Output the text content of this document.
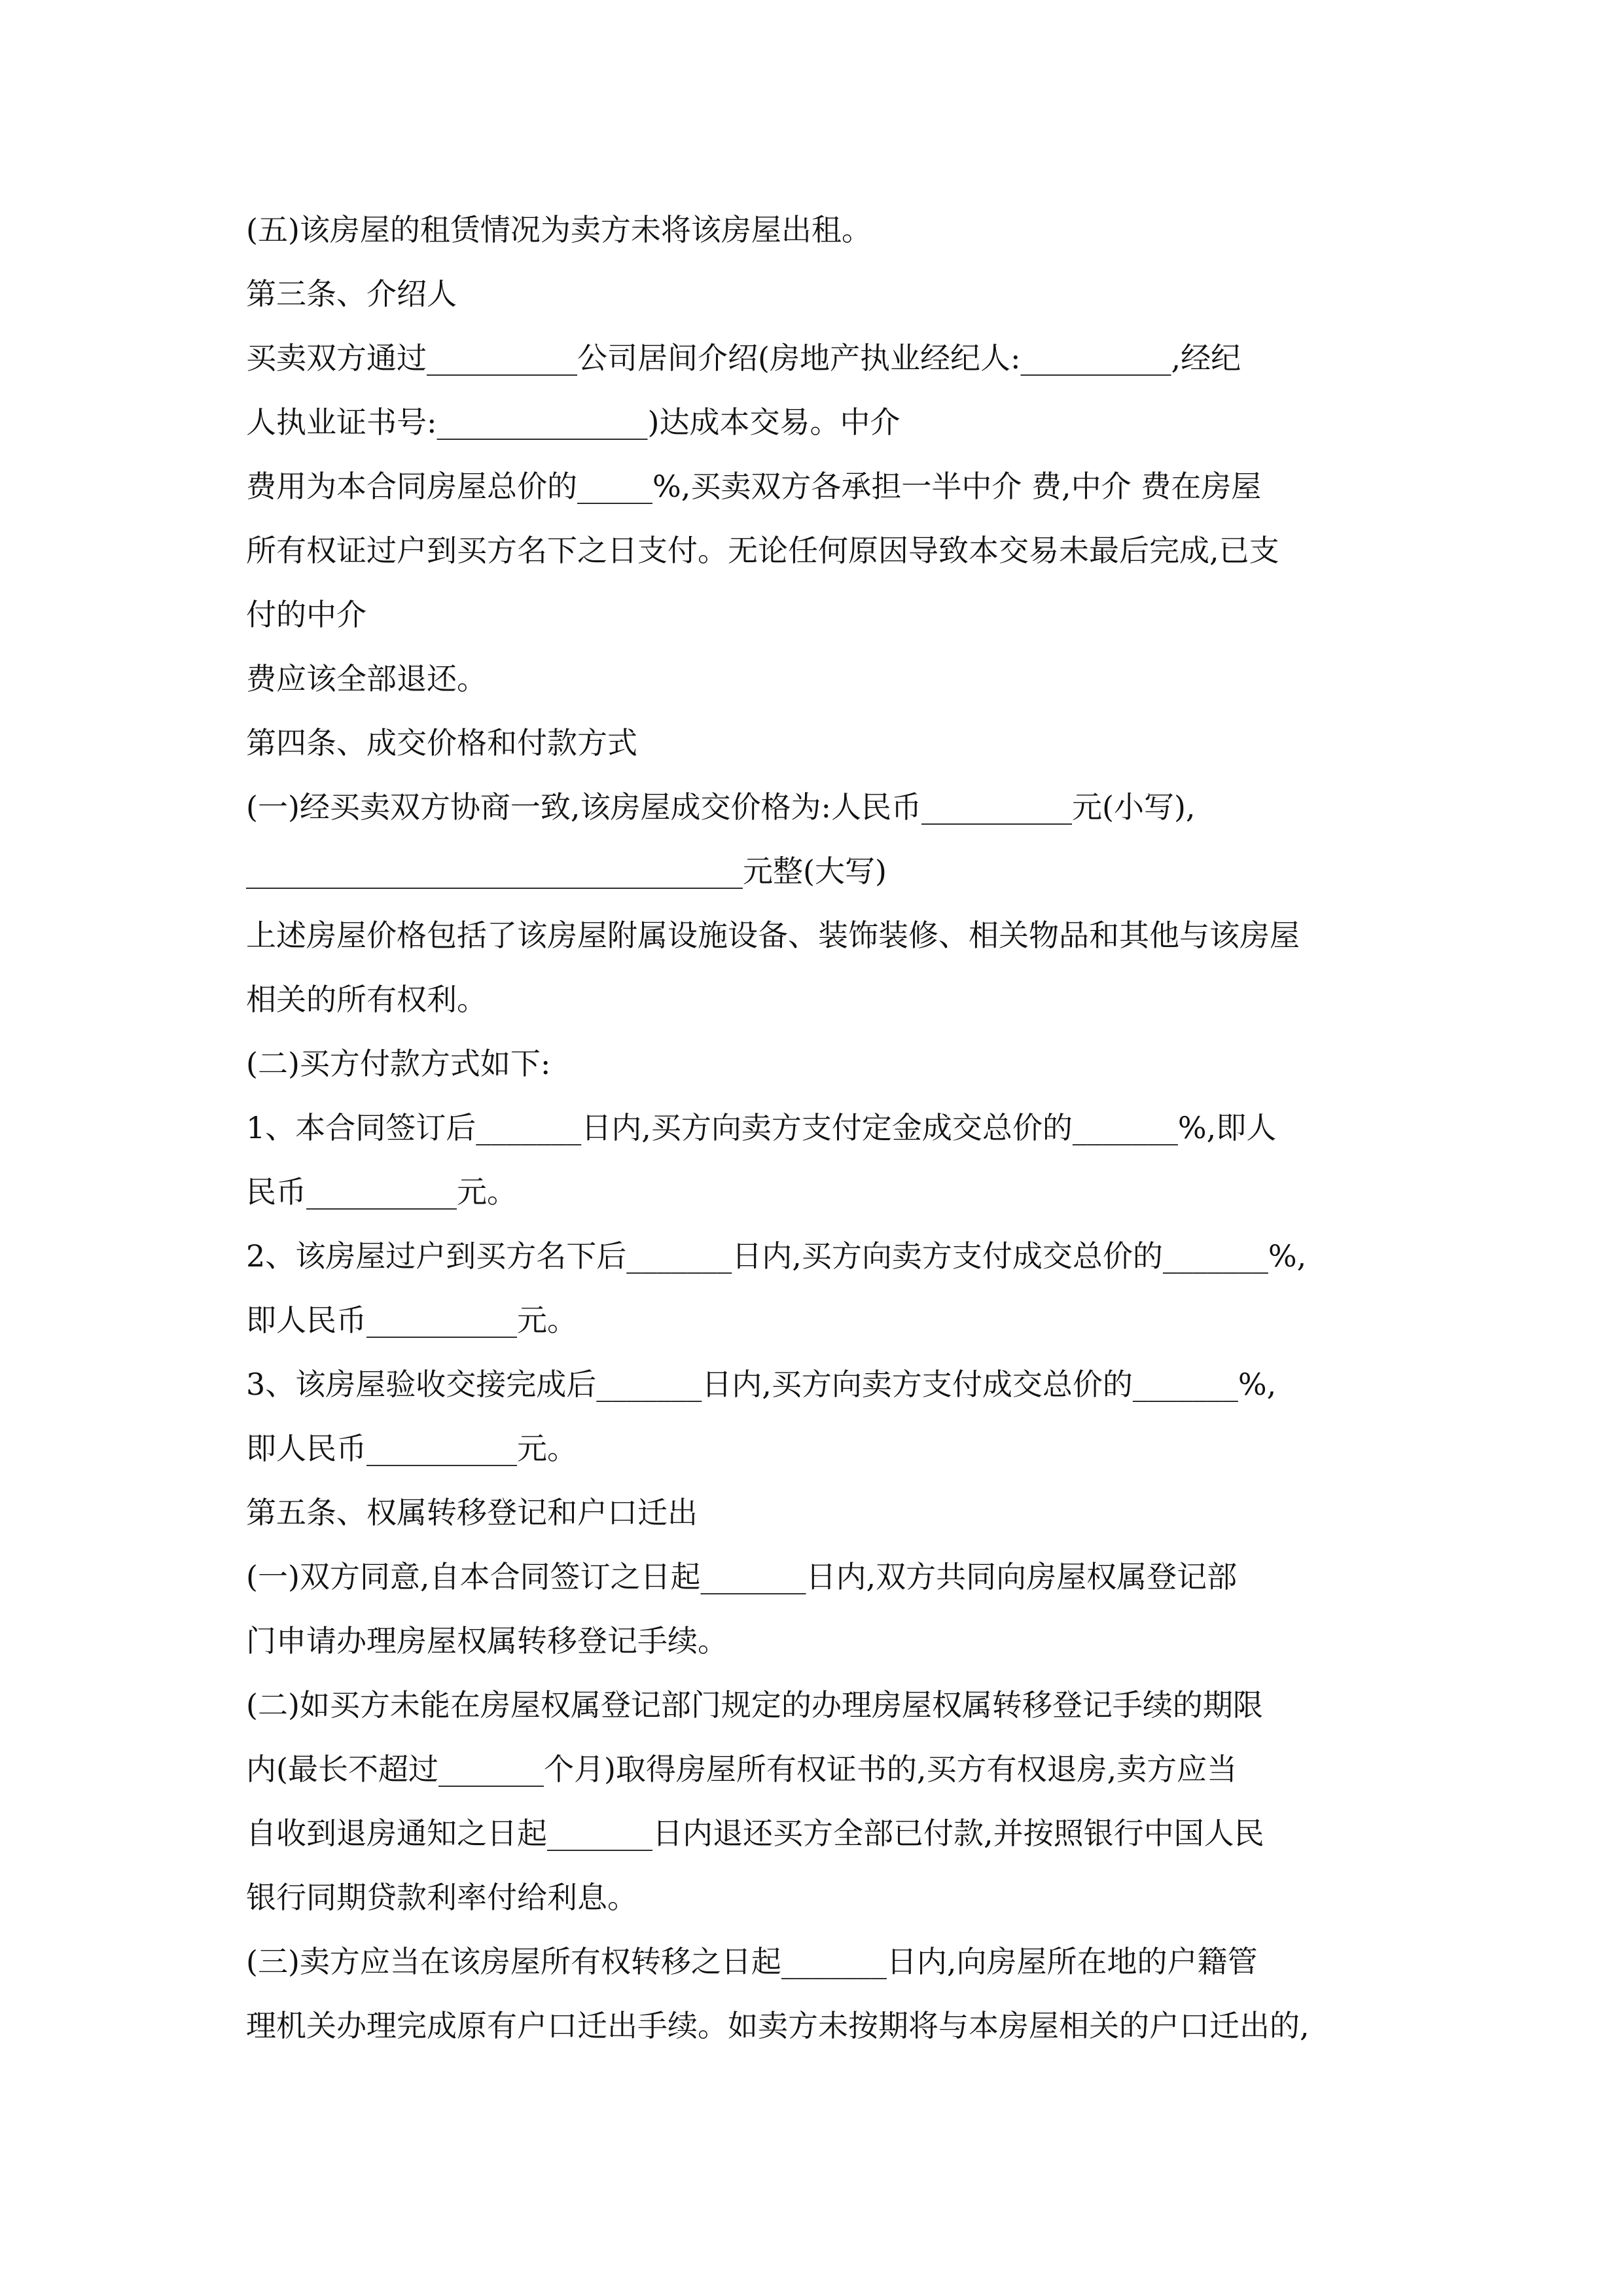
(五)该房屋的租赁情况为卖方未将该房屋出租。
第三条、介绍人
买卖双方通过__________公司居间介绍(房地产执业经纪人:__________,经纪
人执业证书号:______________)达成本交易。中介
费用为本合同房屋总价的_____%,买卖双方各承担一半中介 费,中介 费在房屋
所有权证过户到买方名下之日支付。无论任何原因导致本交易未最后完成,已支
付的中介
费应该全部退还。
第四条、成交价格和付款方式
(一)经买卖双方协商一致,该房屋成交价格为:人民币__________元(小写),
_________________________________元整(大写)
上述房屋价格包括了该房屋附属设施设备、装饰装修、相关物品和其他与该房屋
相关的所有权利。
(二)买方付款方式如下:
1、本合同签订后_______日内,买方向卖方支付定金成交总价的_______%,即人
民币__________元。
2、该房屋过户到买方名下后_______日内,买方向卖方支付成交总价的_______%,
即人民币__________元。
3、该房屋验收交接完成后_______日内,买方向卖方支付成交总价的_______%,
即人民币__________元。
第五条、权属转移登记和户口迁出
(一)双方同意,自本合同签订之日起_______日内,双方共同向房屋权属登记部
门申请办理房屋权属转移登记手续。
(二)如买方未能在房屋权属登记部门规定的办理房屋权属转移登记手续的期限
内(最长不超过_______个月)取得房屋所有权证书的,买方有权退房,卖方应当
自收到退房通知之日起_______日内退还买方全部已付款,并按照银行中国人民
银行同期贷款利率付给利息。
(三)卖方应当在该房屋所有权转移之日起_______日内,向房屋所在地的户籍管
理机关办理完成原有户口迁出手续。如卖方未按期将与本房屋相关的户口迁出的,
